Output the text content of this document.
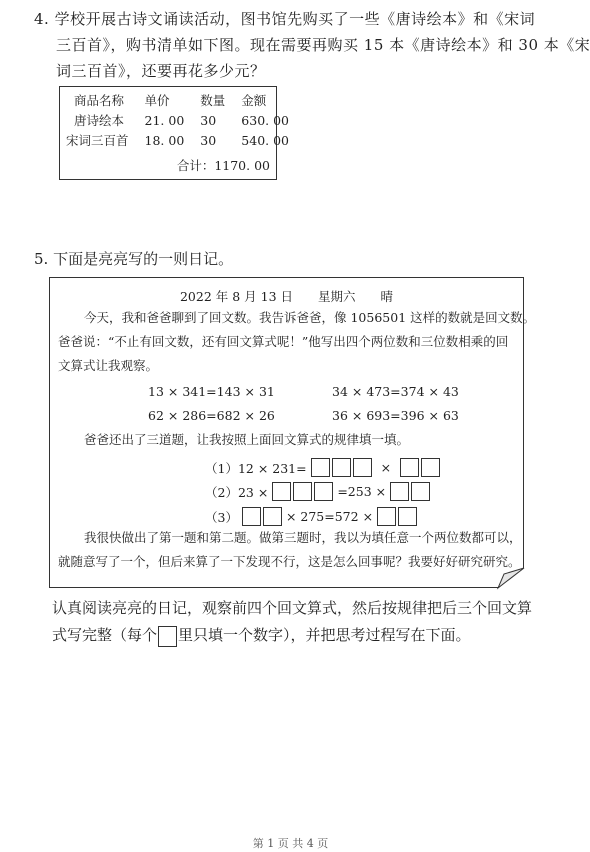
4. 学校开展古诗文诵读活动，图书馆先购买了一些《唐诗绘本》和《宋词
三百首》，购书清单如下图。现在需要再购买 15 本《唐诗绘本》和 30 本《宋
词三百首》，还要再花多少元？
商品名称	单价	数量	金额
唐诗绘本	21. 00	30	630. 00
宋词三百首	18. 00	30	540. 00
合计：1170. 00
5. 下面是亮亮写的一则日记。
2022 年 8 月 13 日　　星期六　　晴
今天，我和爸爸聊到了回文数。我告诉爸爸，像 1056501 这样的数就是回文数。
爸爸说：“不止有回文数，还有回文算式呢！”他写出四个两位数和三位数相乘的回
文算式让我观察。
13 × 341=143 × 31	34 × 473=374 × 43
62 × 286=682 × 26	36 × 693=396 × 63
爸爸还出了三道题，让我按照上面回文算式的规律填一填。
（1）12 × 231=	×
（2）23 ×	=253 ×
（3）	× 275=572 ×
我很快做出了第一题和第二题。做第三题时，我以为填任意一个两位数都可以，
就随意写了一个，但后来算了一下发现不行，这是怎么回事呢？我要好好研究研究。
认真阅读亮亮的日记，观察前四个回文算式，然后按规律把后三个回文算
式写完整（每个 里只填一个数字），并把思考过程写在下面。
第 1 页 共 4 页
